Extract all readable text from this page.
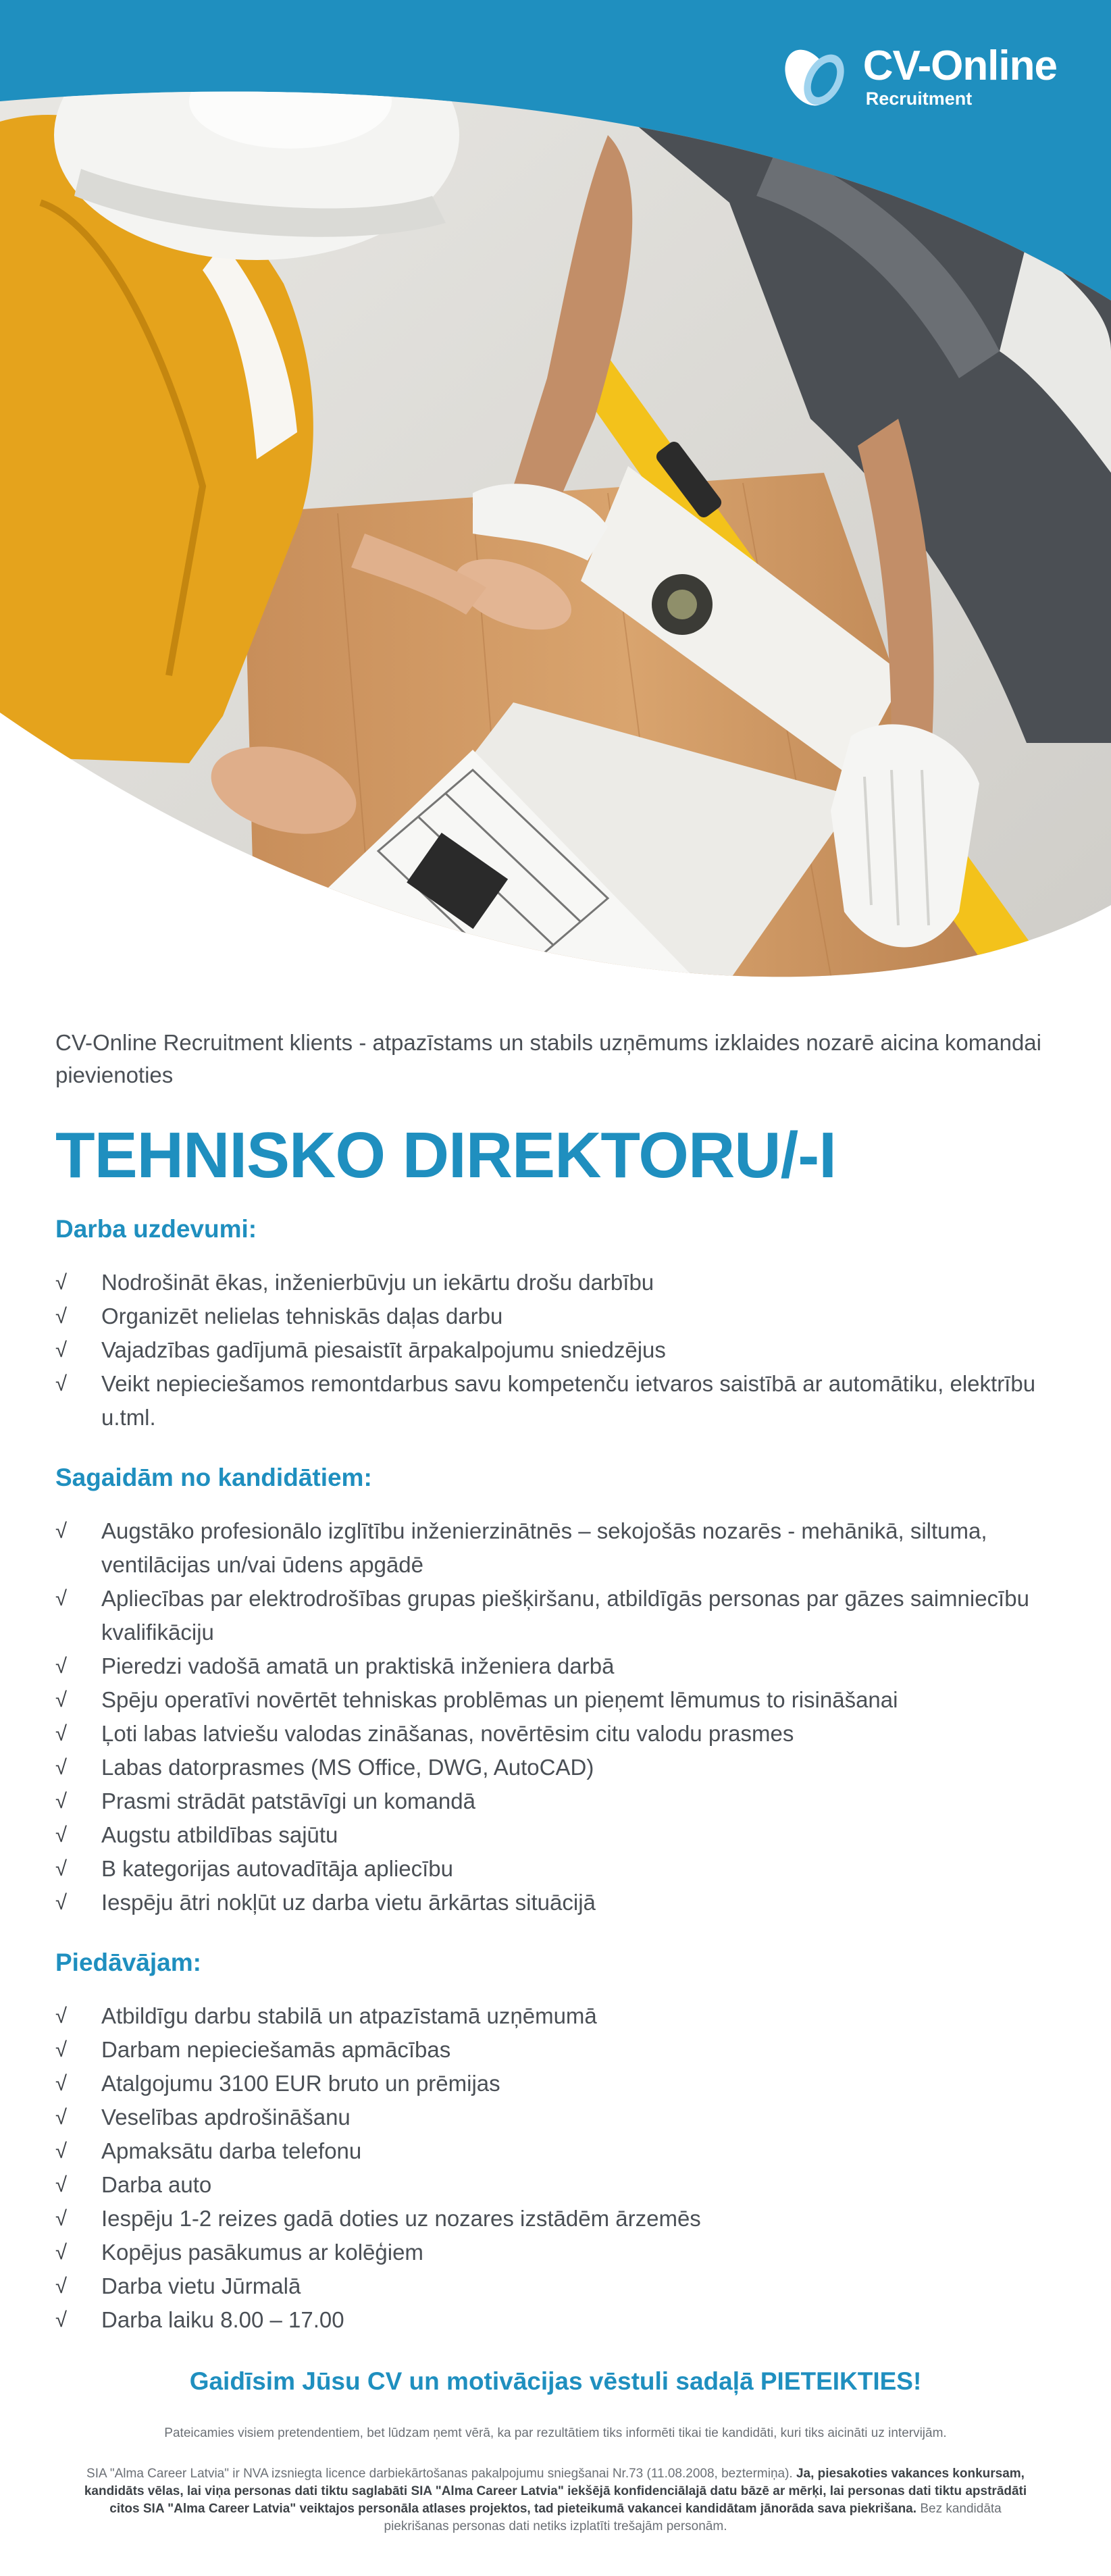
CV-Online
Recruitment

CV-Online Recruitment klients - atpazīstams un stabils uzņēmums izklaides nozarē aicina komandai pievienoties

TEHNISKO DIREKTORU/-I
Darba uzdevumi:
√ Nodrošināt ēkas, inženierbūvju un iekārtu drošu darbību
√ Organizēt nelielas tehniskās daļas darbu
√ Vajadzības gadījumā piesaistīt ārpakalpojumu sniedzējus
√ Veikt nepieciešamos remontdarbus savu kompetenču ietvaros saistībā ar automātiku, elektrību u.tml.
Sagaidām no kandidātiem:
√ Augstāko profesionālo izglītību inženierzinātnēs – sekojošās nozarēs - mehānikā, siltuma, ventilācijas un/vai ūdens apgādē
√ Apliecības par elektrodrošības grupas piešķiršanu, atbildīgās personas par gāzes saimniecību kvalifikāciju
√ Pieredzi vadošā amatā un praktiskā inženiera darbā
√ Spēju operatīvi novērtēt tehniskas problēmas un pieņemt lēmumus to risināšanai
√ Ļoti labas latviešu valodas zināšanas, novērtēsim citu valodu prasmes
√ Labas datorprasmes (MS Office, DWG, AutoCAD)
√ Prasmi strādāt patstāvīgi un komandā
√ Augstu atbildības sajūtu
√ B kategorijas autovadītāja apliecību
√ Iespēju ātri nokļūt uz darba vietu ārkārtas situācijā
Piedāvājam:
√ Atbildīgu darbu stabilā un atpazīstamā uzņēmumā
√ Darbam nepieciešamās apmācības
√ Atalgojumu 3100 EUR bruto un prēmijas
√ Veselības apdrošināšanu
√ Apmaksātu darba telefonu
√ Darba auto
√ Iespēju 1-2 reizes gadā doties uz nozares izstādēm ārzemēs
√ Kopējus pasākumus ar kolēģiem
√ Darba vietu Jūrmalā
√ Darba laiku 8.00 – 17.00
Gaidīsim Jūsu CV un motivācijas vēstuli sadaļā PIETEIKTIES!

Pateicamies visiem pretendentiem, bet lūdzam ņemt vērā, ka par rezultātiem tiks informēti tikai tie kandidāti, kuri tiks aicināti uz intervijām.

SIA "Alma Career Latvia" ir NVA izsniegta licence darbiekārtošanas pakalpojumu sniegšanai Nr.73 (11.08.2008, beztermiņa). Ja, piesakoties vakances konkursam, kandidāts vēlas, lai viņa personas dati tiktu saglabāti SIA "Alma Career Latvia" iekšējā konfidenciālajā datu bāzē ar mērķi, lai personas dati tiktu apstrādāti citos SIA "Alma Career Latvia" veiktajos personāla atlases projektos, tad pieteikumā vakancei kandidātam jānorāda sava piekrišana. Bez kandidāta piekrišanas personas dati netiks izplatīti trešajām personām.
